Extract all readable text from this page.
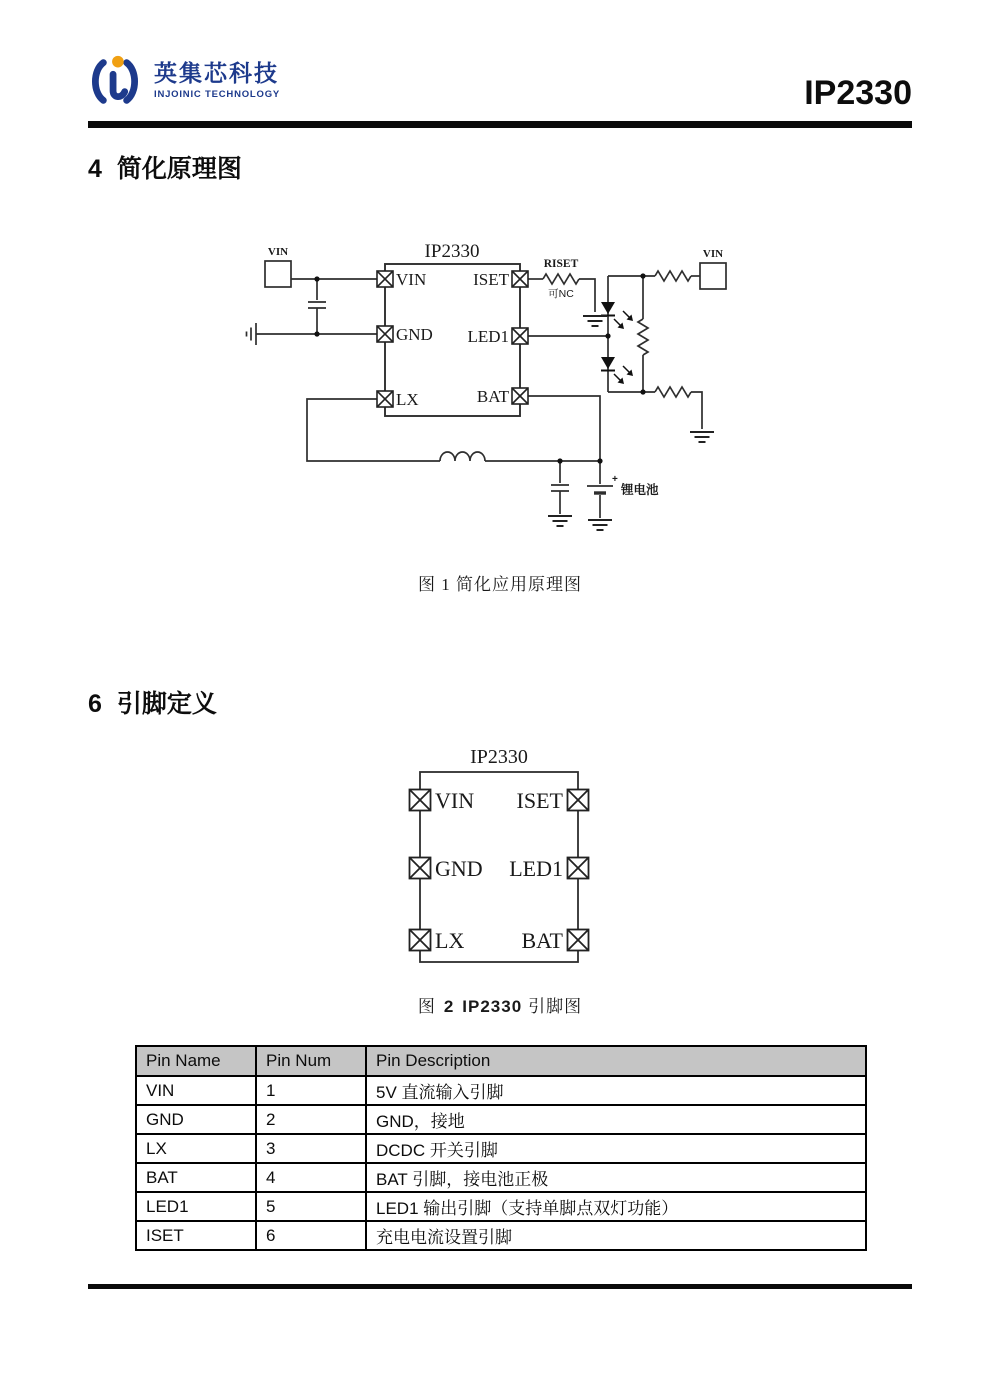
英集芯科技
INJOINIC TECHNOLOGY	IP2330
4 简化原理图
IP2330
VIN
GND
LX
ISET
LED1
BAT
VIN	VIN
RISET
可NC
+
锂电池
图 1 简化应用原理图
6 引脚定义
IP2330
VIN
GND
LX
ISET
LED1
BAT
图 2 IP2330 引脚图
Pin Name	Pin Num	Pin Description
VIN	1	5V 直流输入引脚
GND	2	GND，接地
LX	3	DCDC 开关引脚
BAT	4	BAT 引脚，接电池正极
LED1	5	LED1 输出引脚（支持单脚点双灯功能）
ISET	6	充电电流设置引脚
